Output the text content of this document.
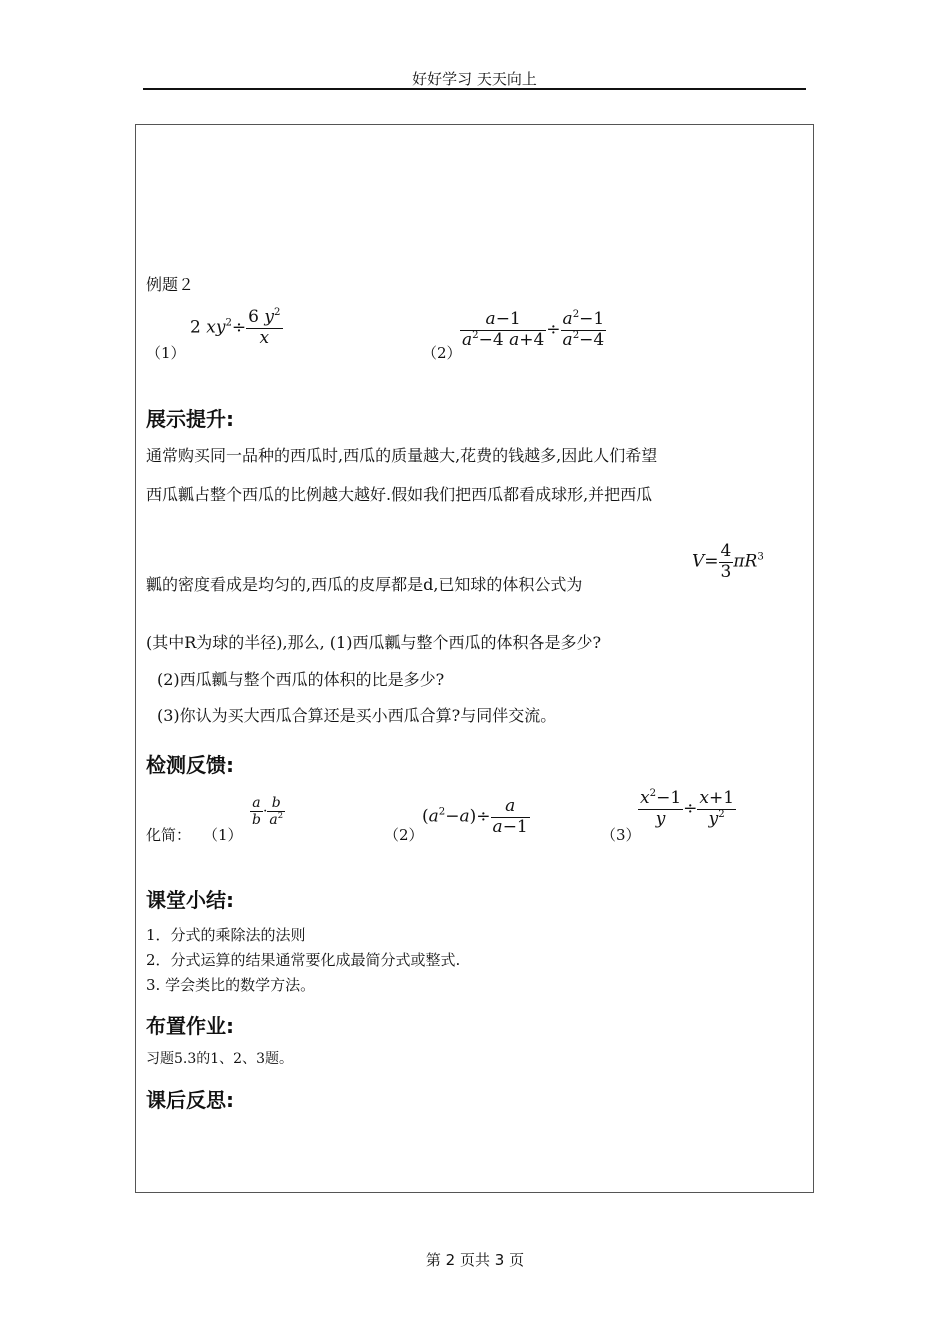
好好学习 天天向上
例题２
（1）
2 $xy^2\div \frac{6 y^2}{x}$
（2）
$\frac{a-1}{a^2-4 a+4} \div \frac{a^2-1}{a^2-4}$
展示提升:
通常购买同一品种的西瓜时,西瓜的质量越大,花费的钱越多,因此人们希望
西瓜瓤占整个西瓜的比例越大越好.假如我们把西瓜都看成球形,并把西瓜
$V= \frac{4}{3} \pi R^3$
瓤的密度看成是均匀的,西瓜的皮厚都是d,已知球的体积公式为
(其中R为球的半径),那么, (1)西瓜瓤与整个西瓜的体积各是多少?
(2)西瓜瓤与整个西瓜的体积的比是多少?
(3)你认为买大西瓜合算还是买小西瓜合算?与同伴交流。
检测反馈:
化简： （1）
$\frac{a}{b} \cdot \frac{b}{a^2}$
（2）
$(a^2-a)\div \frac{a}{a-1}$	（3）
$\frac{x^2-1}{y} \div \frac{x+1}{y^2}$
课堂小结:
1．分式的乘除法的法则
2．分式运算的结果通常要化成最简分式或整式.
3. 学会类比的数学方法。
布置作业:
习题5.3的1、2、3题。
课后反思:
第 2 页共 3 页
